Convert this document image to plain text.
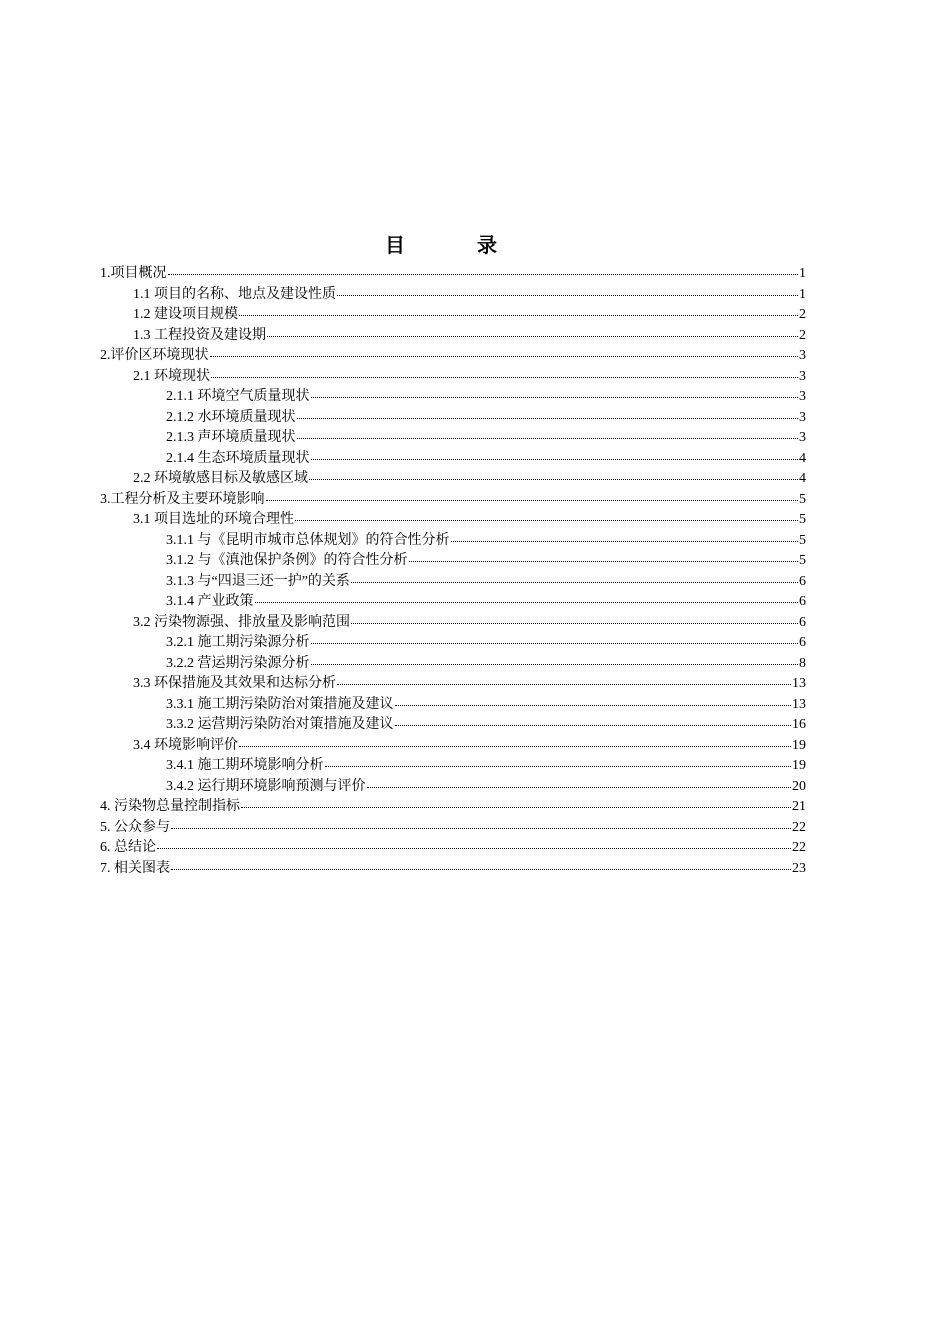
目　录
1.项目概况	1
1.1 项目的名称、地点及建设性质	1
1.2 建设项目规模	2
1.3 工程投资及建设期	2
2.评价区环境现状	3
2.1 环境现状	3
2.1.1 环境空气质量现状	3
2.1.2 水环境质量现状	3
2.1.3 声环境质量现状	3
2.1.4 生态环境质量现状	4
2.2 环境敏感目标及敏感区域	4
3.工程分析及主要环境影响	5
3.1 项目选址的环境合理性	5
3.1.1 与《昆明市城市总体规划》的符合性分析	5
3.1.2 与《滇池保护条例》的符合性分析	5
3.1.3 与“四退三还一护”的关系	6
3.1.4 产业政策	6
3.2 污染物源强、排放量及影响范围	6
3.2.1 施工期污染源分析	6
3.2.2 营运期污染源分析	8
3.3 环保措施及其效果和达标分析	13
3.3.1 施工期污染防治对策措施及建议	13
3.3.2 运营期污染防治对策措施及建议	16
3.4 环境影响评价	19
3.4.1 施工期环境影响分析	19
3.4.2 运行期环境影响预测与评价	20
4. 污染物总量控制指标	21
5. 公众参与	22
6. 总结论	22
7. 相关图表	23
